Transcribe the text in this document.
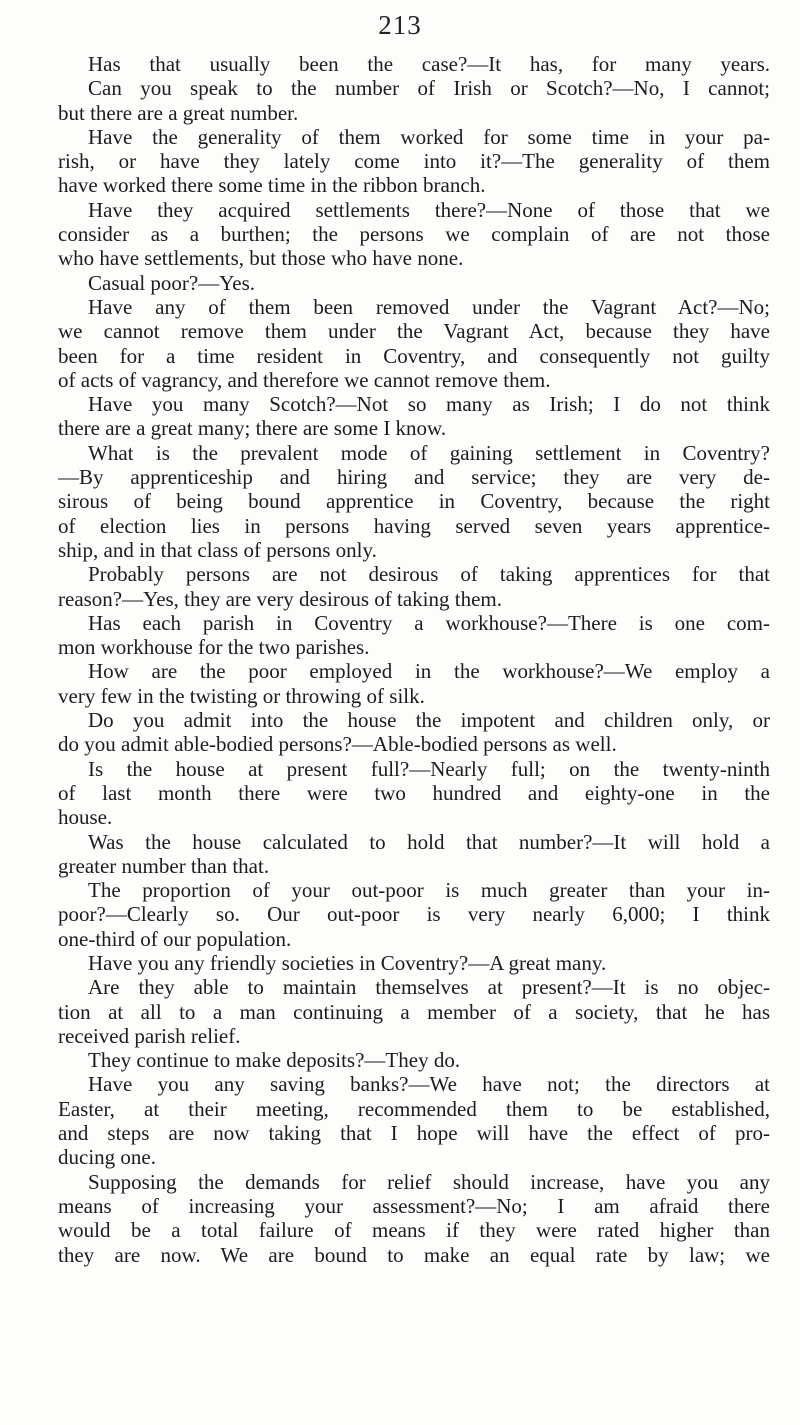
213
Has that usually been the case?—It has, for many years.
Can you speak to the number of Irish or Scotch?—No, I cannot;
but there are a great number.
Have the generality of them worked for some time in your pa-
rish, or have they lately come into it?—The generality of them
have worked there some time in the ribbon branch.
Have they acquired settlements there?—None of those that we
consider as a burthen; the persons we complain of are not those
who have settlements, but those who have none.
Casual poor?—Yes.
Have any of them been removed under the Vagrant Act?—No;
we cannot remove them under the Vagrant Act, because they have
been for a time resident in Coventry, and consequently not guilty
of acts of vagrancy, and therefore we cannot remove them.
Have you many Scotch?—Not so many as Irish; I do not think
there are a great many; there are some I know.
What is the prevalent mode of gaining settlement in Coventry?
—By apprenticeship and hiring and service; they are very de-
sirous of being bound apprentice in Coventry, because the right
of election lies in persons having served seven years apprentice-
ship, and in that class of persons only.
Probably persons are not desirous of taking apprentices for that
reason?—Yes, they are very desirous of taking them.
Has each parish in Coventry a workhouse?—There is one com-
mon workhouse for the two parishes.
How are the poor employed in the workhouse?—We employ a
very few in the twisting or throwing of silk.
Do you admit into the house the impotent and children only, or
do you admit able-bodied persons?—Able-bodied persons as well.
Is the house at present full?—Nearly full; on the twenty-ninth
of last month there were two hundred and eighty-one in the
house.
Was the house calculated to hold that number?—It will hold a
greater number than that.
The proportion of your out-poor is much greater than your in-
poor?—Clearly so. Our out-poor is very nearly 6,000; I think
one-third of our population.
Have you any friendly societies in Coventry?—A great many.
Are they able to maintain themselves at present?—It is no objec-
tion at all to a man continuing a member of a society, that he has
received parish relief.
They continue to make deposits?—They do.
Have you any saving banks?—We have not; the directors at
Easter, at their meeting, recommended them to be established,
and steps are now taking that I hope will have the effect of pro-
ducing one.
Supposing the demands for relief should increase, have you any
means of increasing your assessment?—No; I am afraid there
would be a total failure of means if they were rated higher than
they are now. We are bound to make an equal rate by law; we
